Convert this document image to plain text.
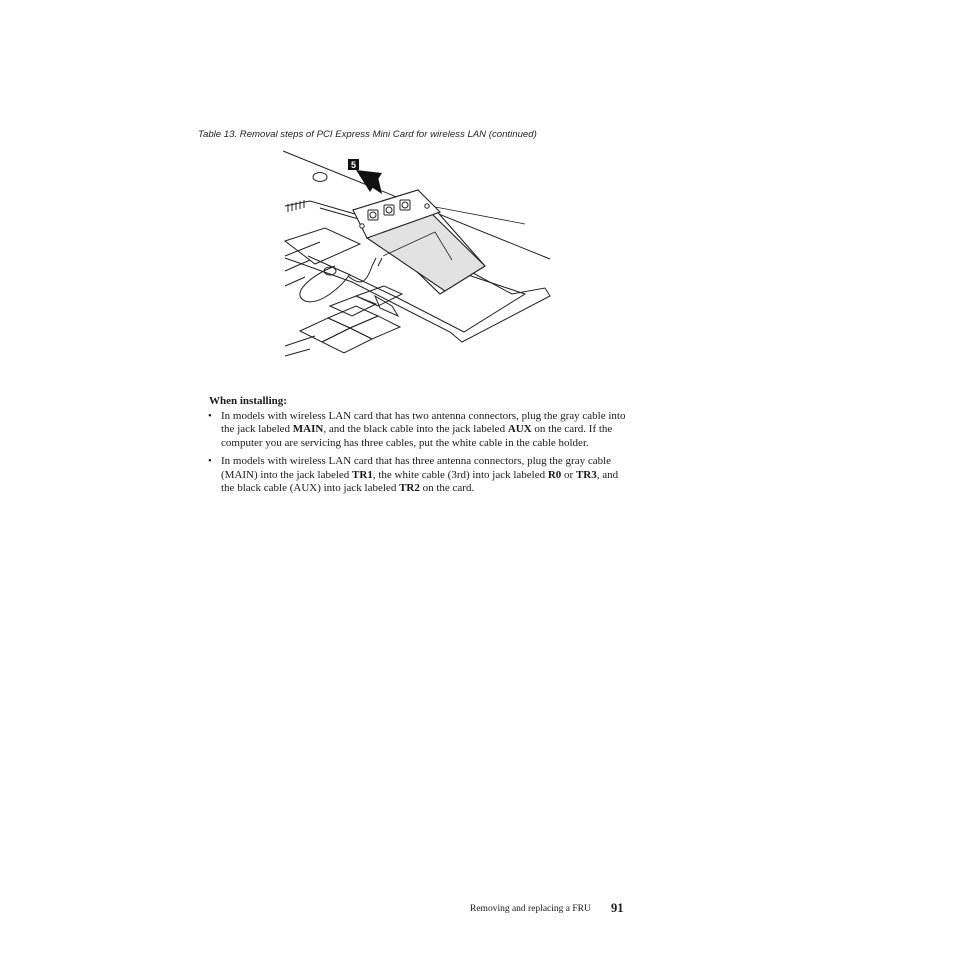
Table 13. Removal steps of PCI Express Mini Card for wireless LAN (continued)
5
When installing:
• In models with wireless LAN card that has two antenna connectors, plug the gray cable into the jack labeled MAIN, and the black cable into the jack labeled AUX on the card. If the computer you are servicing has three cables, put the white cable in the cable holder.
• In models with wireless LAN card that has three antenna connectors, plug the gray cable (MAIN) into the jack labeled TR1, the white cable (3rd) into jack labeled R0 or TR3, and the black cable (AUX) into jack labeled TR2 on the card.
Removing and replacing a FRU 91
